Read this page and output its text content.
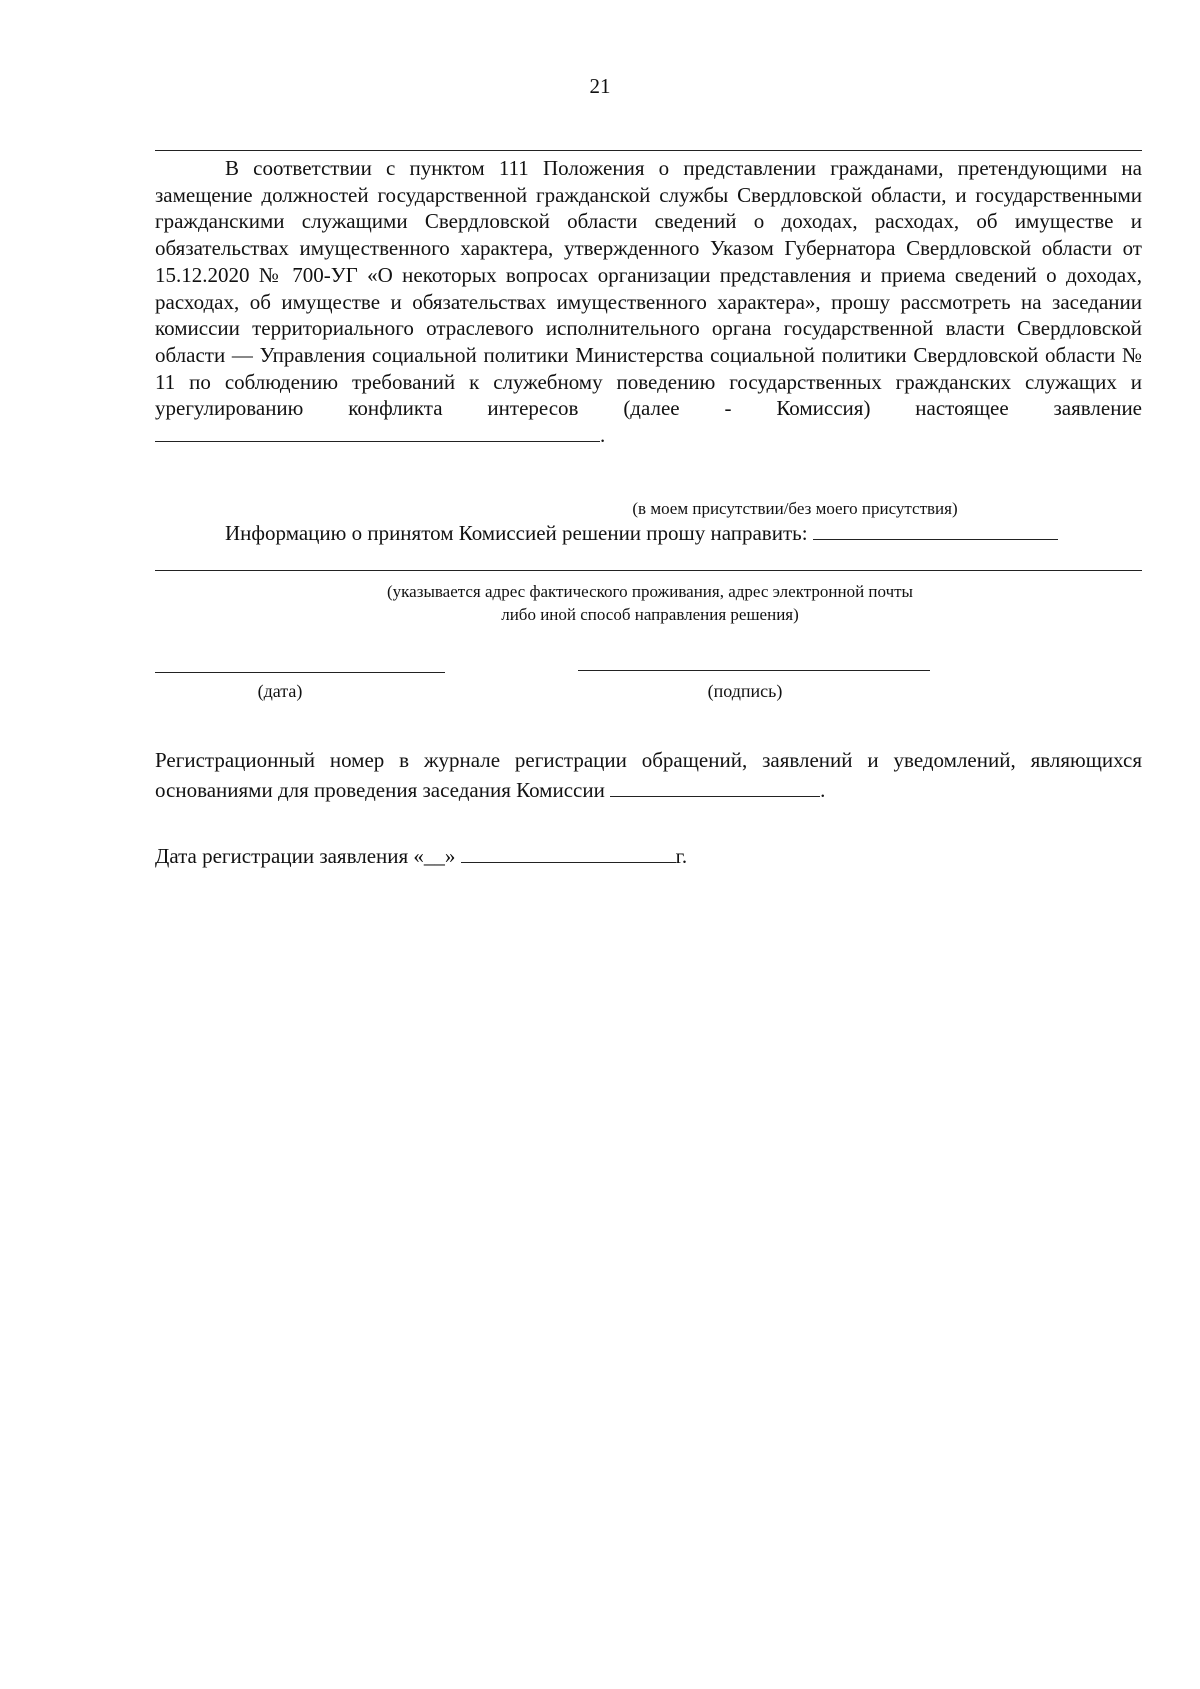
21

В соответствии с пунктом 111 Положения о представлении гражданами, претендующими на замещение должностей государственной гражданской службы Свердловской области, и государственными гражданскими служащими Свердловской области сведений о доходах, расходах, об имуществе и обязательствах имущественного характера, утвержденного Указом Губернатора Свердловской области от 15.12.2020 № 700-УГ «О некоторых вопросах организации представления и приема сведений о доходах, расходах, об имуществе и обязательствах имущественного характера», прошу рассмотреть на заседании комиссии территориального отраслевого исполнительного органа государственной власти Свердловской области — Управления социальной политики Министерства социальной политики Свердловской области № 11 по соблюдению требований к служебному поведению государственных гражданских служащих и урегулированию конфликта интересов (далее - Комиссия) настоящее заявление.

(в моем присутствии/без моего присутствия)
Информацию о принятом Комиссией решении прошу направить:
(указывается адрес фактического проживания, адрес электронной почты
либо иной способ направления решения)
(дата)	(подпись)

Регистрационный номер в журнале регистрации обращений, заявлений и уведомлений, являющихся основаниями для проведения заседания Комиссии	.

Дата регистрации заявления «__»	г.
